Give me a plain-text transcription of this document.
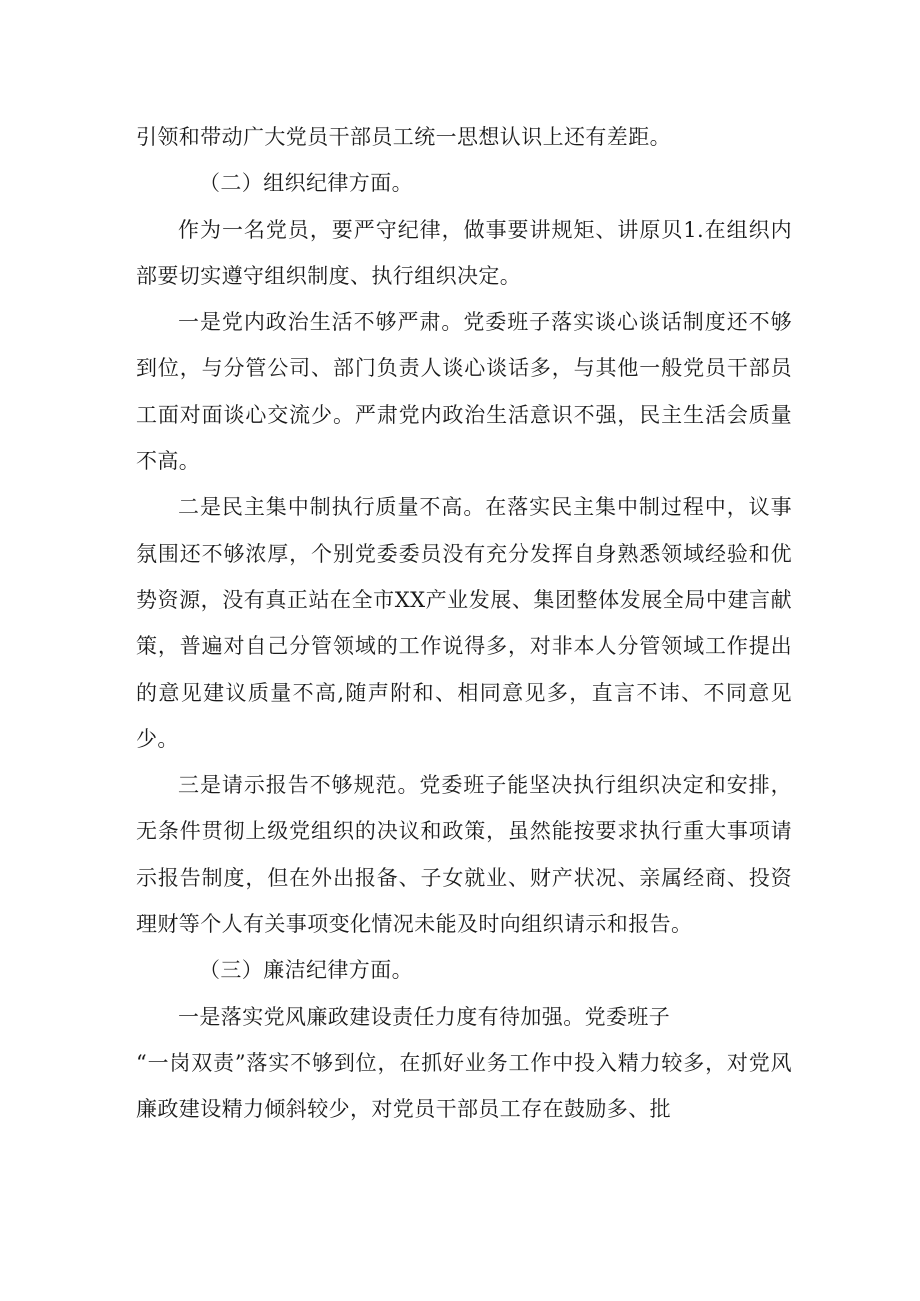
引领和带动广大党员干部员工统一思想认识上还有差距。

（二）组织纪律方面。

作为一名党员，要严守纪律，做事要讲规矩、讲原贝1.在组织内部要切实遵守组织制度、执行组织决定。

一是党内政治生活不够严肃。党委班子落实谈心谈话制度还不够到位，与分管公司、部门负责人谈心谈话多，与其他一般党员干部员工面对面谈心交流少。严肃党内政治生活意识不强，民主生活会质量不高。

二是民主集中制执行质量不高。在落实民主集中制过程中，议事氛围还不够浓厚，个别党委委员没有充分发挥自身熟悉领域经验和优势资源，没有真正站在全市XX产业发展、集团整体发展全局中建言献策，普遍对自己分管领域的工作说得多，对非本人分管领域工作提出的意见建议质量不高,随声附和、相同意见多，直言不讳、不同意见少。

三是请示报告不够规范。党委班子能坚决执行组织决定和安排，无条件贯彻上级党组织的决议和政策，虽然能按要求执行重大事项请示报告制度，但在外出报备、子女就业、财产状况、亲属经商、投资理财等个人有关事项变化情况未能及时向组织请示和报告。

（三）廉洁纪律方面。

一是落实党风廉政建设责任力度有待加强。党委班子

“一岗双责”落实不够到位，在抓好业务工作中投入精力较多，对党风廉政建设精力倾斜较少，对党员干部员工存在鼓励多、批
